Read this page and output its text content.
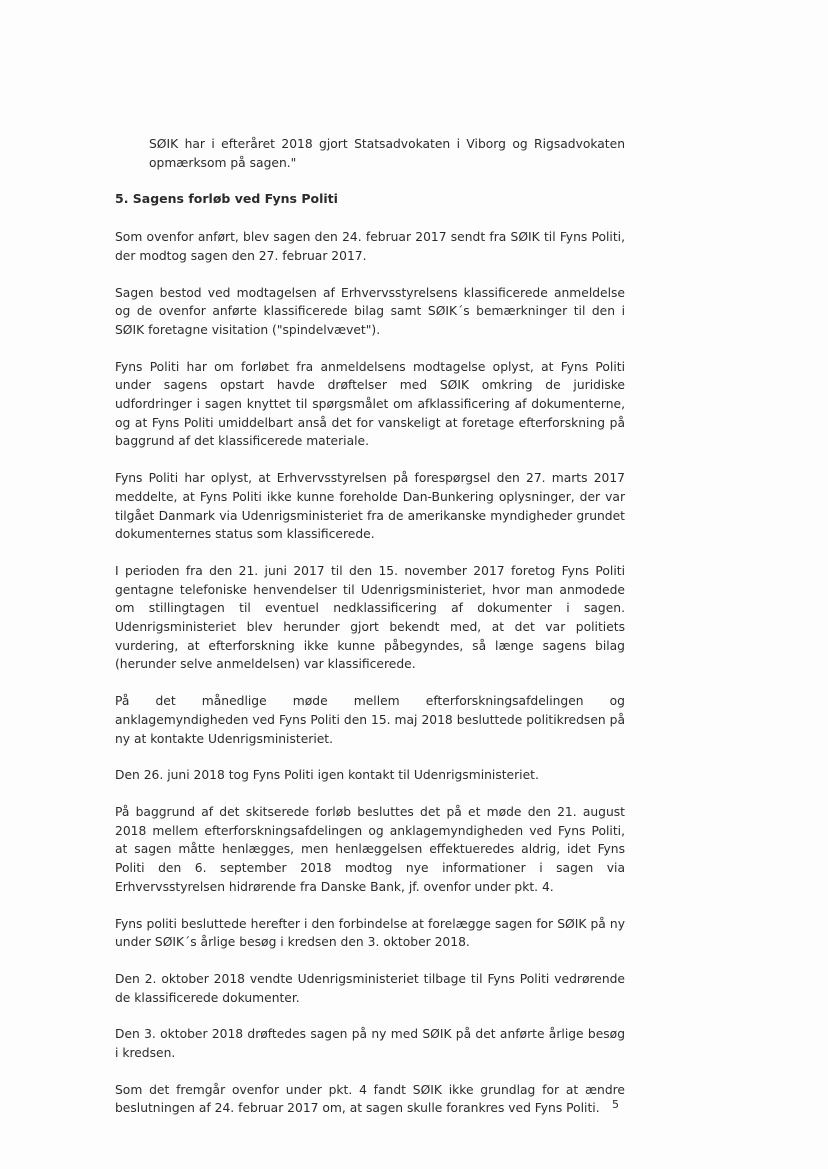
SØIK har i efteråret 2018 gjort Statsadvokaten i Viborg og Rigsadvokaten opmærksom på sagen."

5. Sagens forløb ved Fyns Politi

Som ovenfor anført, blev sagen den 24. februar 2017 sendt fra SØIK til Fyns Politi, der modtog sagen den 27. februar 2017.

Sagen bestod ved modtagelsen af Erhvervsstyrelsens klassificerede anmeldelse og de ovenfor anførte klassificerede bilag samt SØIK´s bemærkninger til den i SØIK foretagne visitation ("spindelvævet").

Fyns Politi har om forløbet fra anmeldelsens modtagelse oplyst, at Fyns Politi under sagens opstart havde drøftelser med SØIK omkring de juridiske udfordringer i sagen knyttet til spørgsmålet om afklassificering af dokumenterne, og at Fyns Politi umiddelbart anså det for vanskeligt at foretage efterforskning på baggrund af det klassificerede materiale.

Fyns Politi har oplyst, at Erhvervsstyrelsen på forespørgsel den 27. marts 2017 meddelte, at Fyns Politi ikke kunne foreholde Dan-Bunkering oplysninger, der var tilgået Danmark via Udenrigsministeriet fra de amerikanske myndigheder grundet dokumenternes status som klassificerede.

I perioden fra den 21. juni 2017 til den 15. november 2017 foretog Fyns Politi gentagne telefoniske henvendelser til Udenrigsministeriet, hvor man anmodede om stillingtagen til eventuel nedklassificering af dokumenter i sagen. Udenrigsministeriet blev herunder gjort bekendt med, at det var politiets vurdering, at efterforskning ikke kunne påbegyndes, så længe sagens bilag (herunder selve anmeldelsen) var klassificerede.

På det månedlige møde mellem efterforskningsafdelingen og anklagemyndigheden ved Fyns Politi den 15. maj 2018 besluttede politikredsen på ny at kontakte Udenrigsministeriet.

Den 26. juni 2018 tog Fyns Politi igen kontakt til Udenrigsministeriet.

På baggrund af det skitserede forløb besluttes det på et møde den 21. august 2018 mellem efterforskningsafdelingen og anklagemyndigheden ved Fyns Politi, at sagen måtte henlægges, men henlæggelsen effektueredes aldrig, idet Fyns Politi den 6. september 2018 modtog nye informationer i sagen via Erhvervsstyrelsen hidrørende fra Danske Bank, jf. ovenfor under pkt. 4.

Fyns politi besluttede herefter i den forbindelse at forelægge sagen for SØIK på ny under SØIK´s årlige besøg i kredsen den 3. oktober 2018.

Den 2. oktober 2018 vendte Udenrigsministeriet tilbage til Fyns Politi vedrørende de klassificerede dokumenter.

Den 3. oktober 2018 drøftedes sagen på ny med SØIK på det anførte årlige besøg i kredsen.

Som det fremgår ovenfor under pkt. 4 fandt SØIK ikke grundlag for at ændre beslutningen af 24. februar 2017 om, at sagen skulle forankres ved Fyns Politi.	5
